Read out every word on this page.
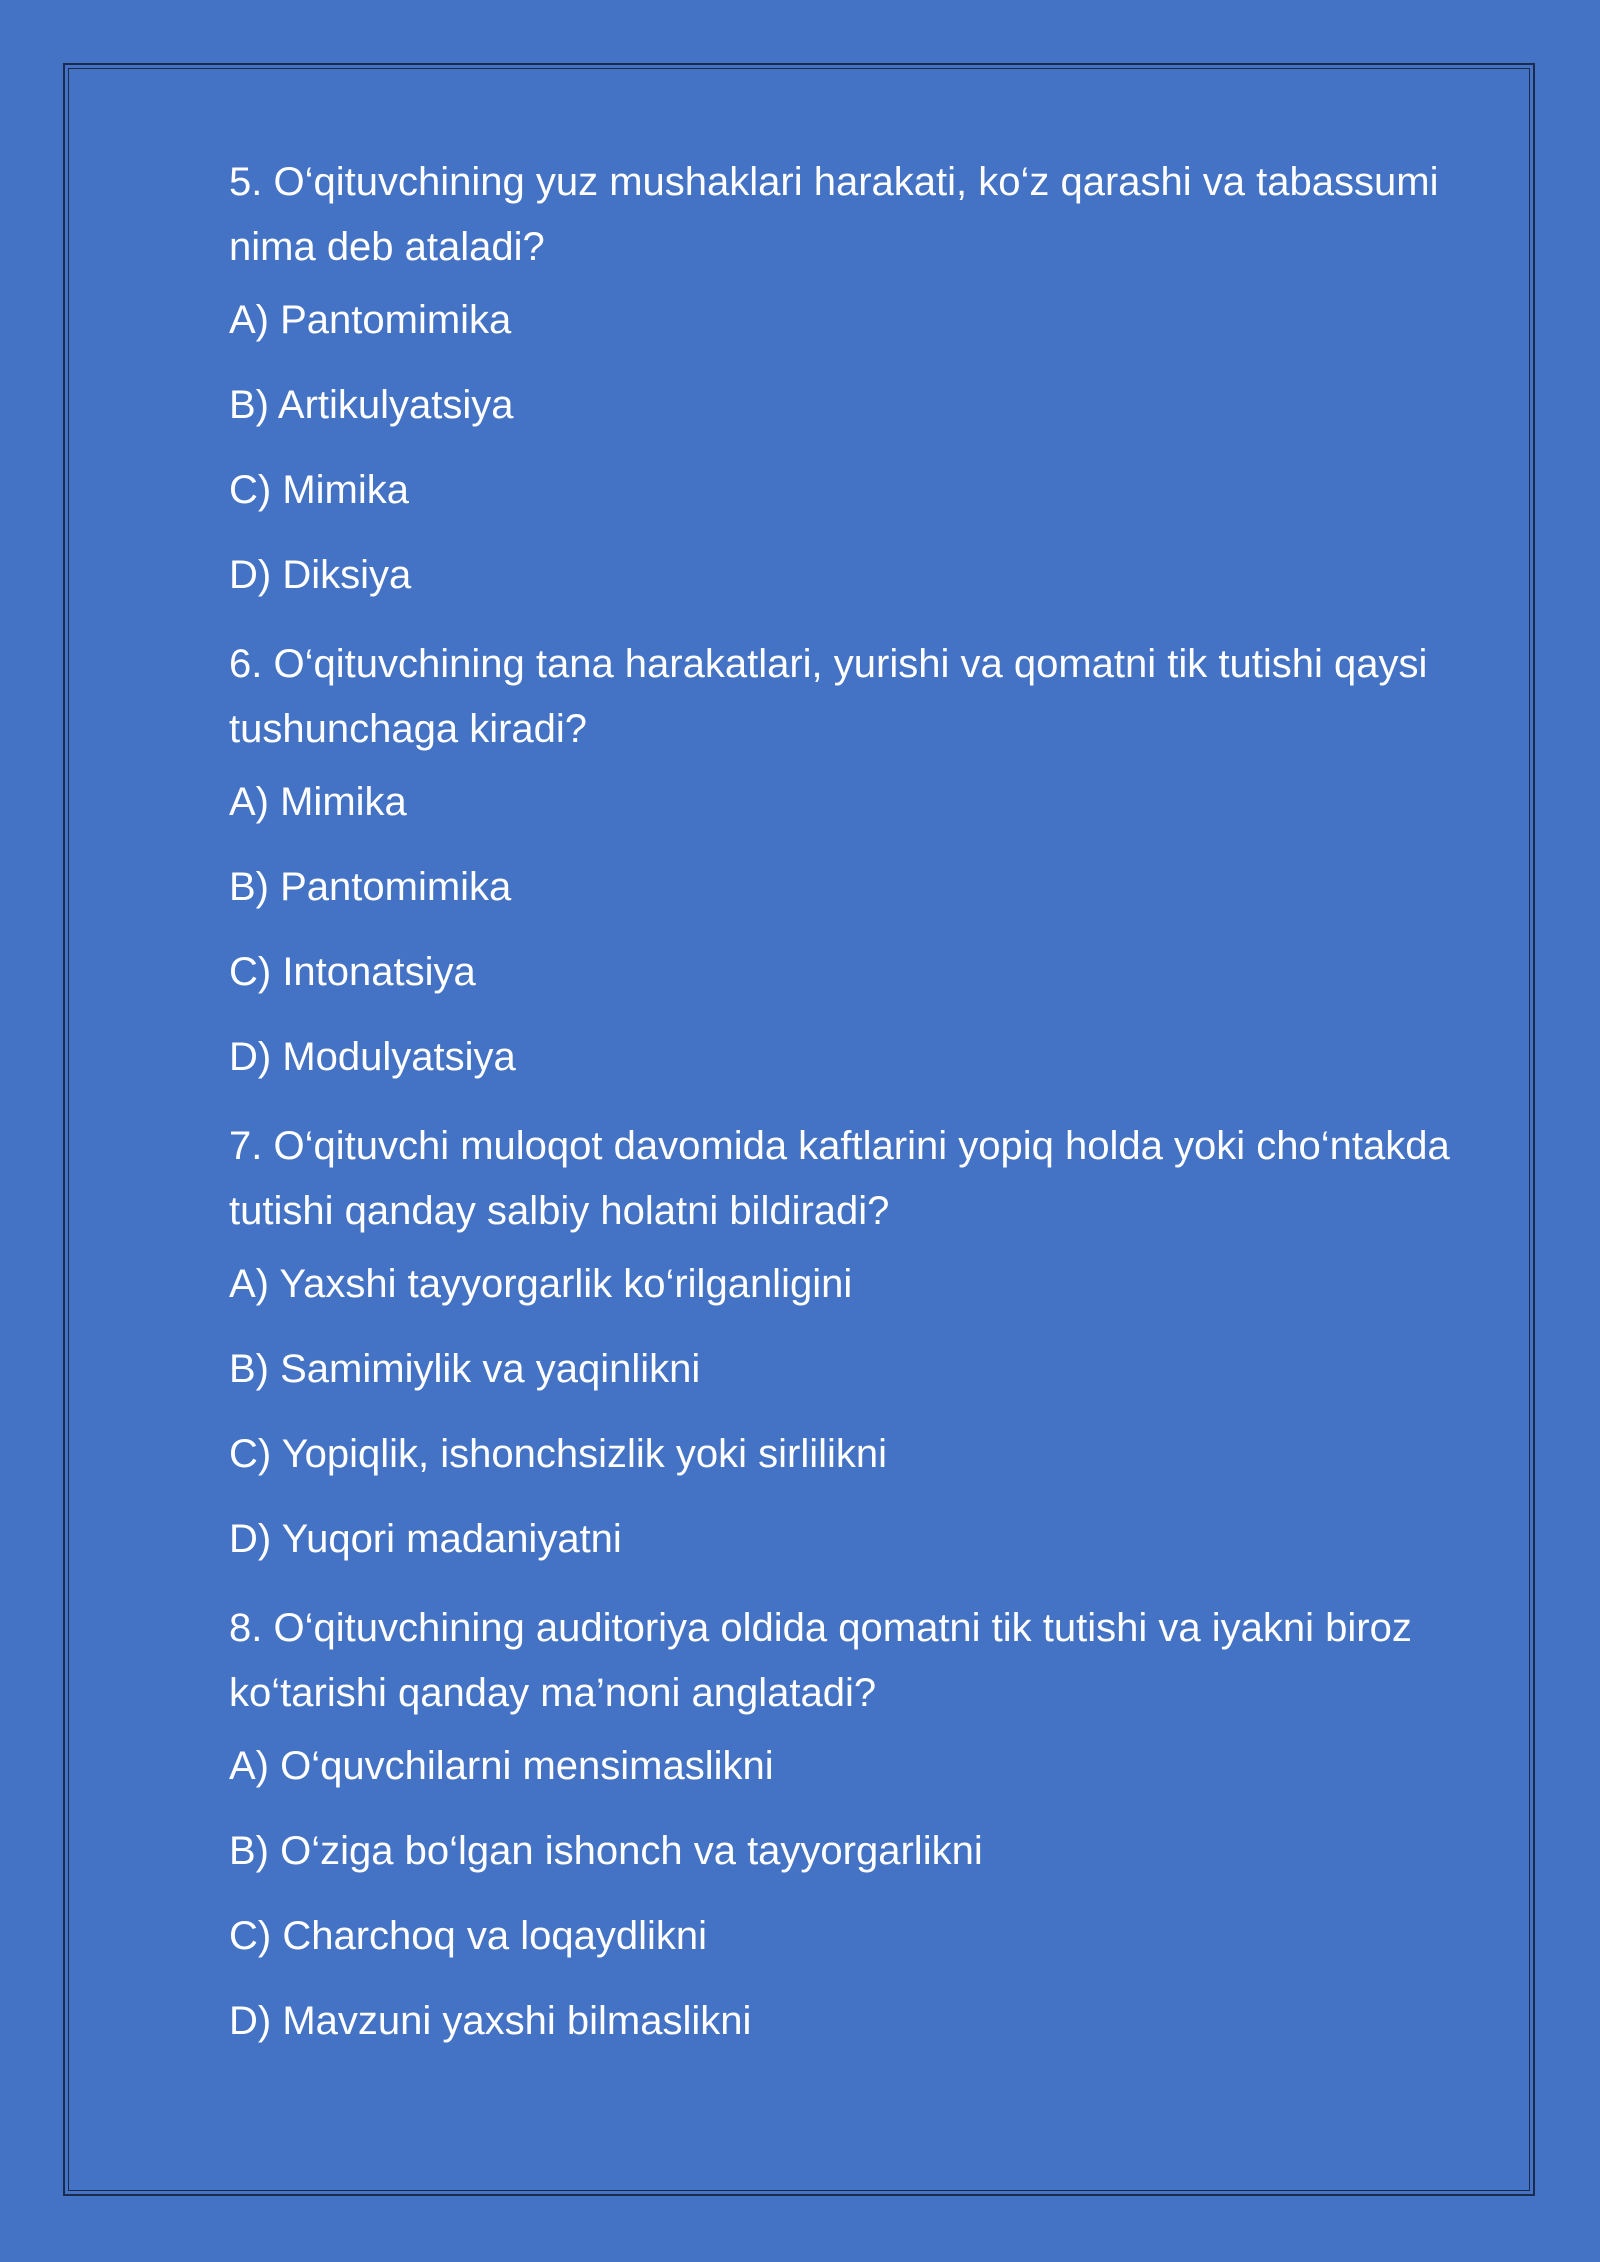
5. O‘qituvchining yuz mushaklari harakati, ko‘z qarashi va tabassumi nima deb ataladi?

A) Pantomimika
B) Artikulyatsiya
C) Mimika
D) Diksiya

6. O‘qituvchining tana harakatlari, yurishi va qomatni tik tutishi qaysi tushunchaga kiradi?

A) Mimika
B) Pantomimika
C) Intonatsiya
D) Modulyatsiya

7. O‘qituvchi muloqot davomida kaftlarini yopiq holda yoki cho‘ntakda tutishi qanday salbiy holatni bildiradi?

A) Yaxshi tayyorgarlik ko‘rilganligini
B) Samimiylik va yaqinlikni
C) Yopiqlik, ishonchsizlik yoki sirlilikni
D) Yuqori madaniyatni

8. O‘qituvchining auditoriya oldida qomatni tik tutishi va iyakni biroz ko‘tarishi qanday ma’noni anglatadi?

A) O‘quvchilarni mensimaslikni
B) O‘ziga bo‘lgan ishonch va tayyorgarlikni
C) Charchoq va loqaydlikni
D) Mavzuni yaxshi bilmaslikni
